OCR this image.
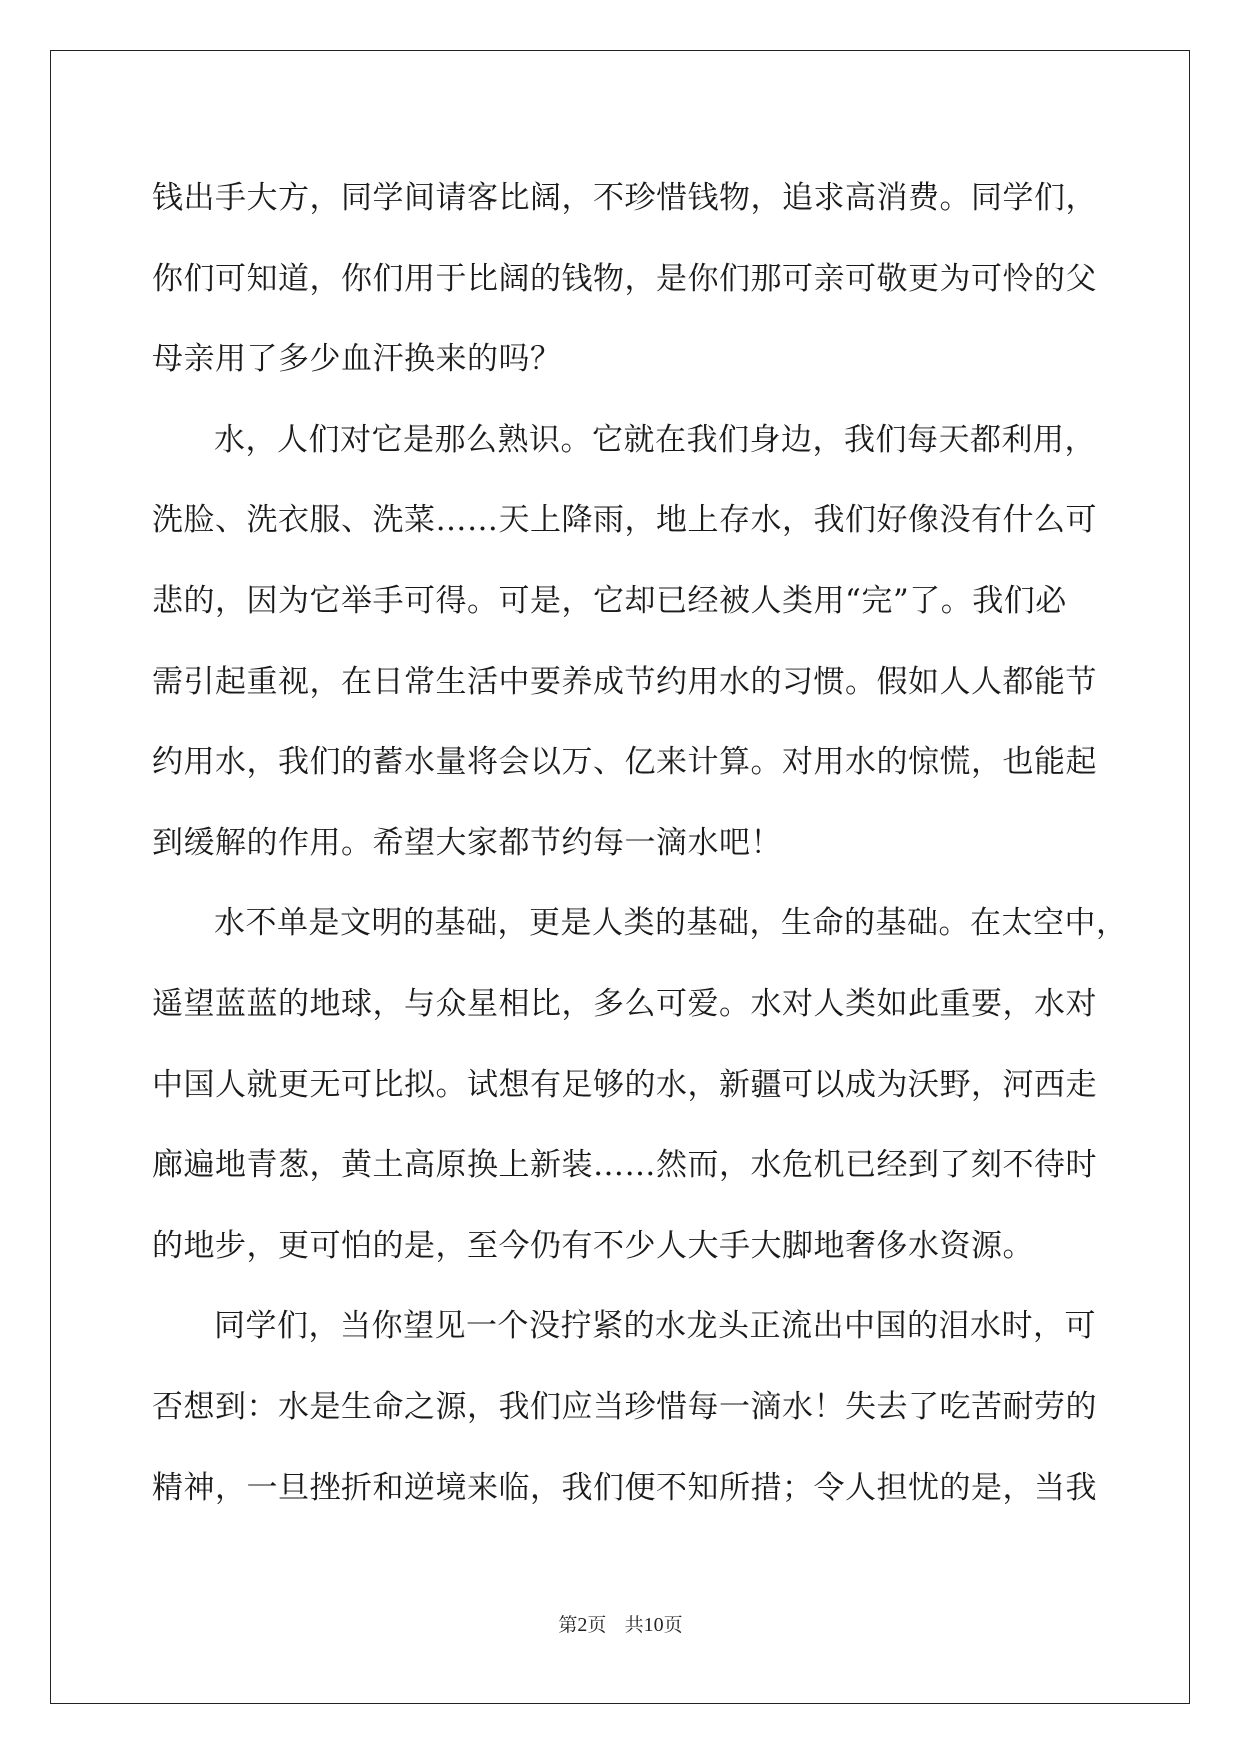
钱出手大方，同学间请客比阔，不珍惜钱物，追求高消费。同学们，
你们可知道，你们用于比阔的钱物，是你们那可亲可敬更为可怜的父
母亲用了多少血汗换来的吗？
水，人们对它是那么熟识。它就在我们身边，我们每天都利用，
洗脸、洗衣服、洗菜……天上降雨，地上存水，我们好像没有什么可
悲的，因为它举手可得。可是，它却已经被人类用“完”了。我们必
需引起重视，在日常生活中要养成节约用水的习惯。假如人人都能节
约用水，我们的蓄水量将会以万、亿来计算。对用水的惊慌，也能起
到缓解的作用。希望大家都节约每一滴水吧！
水不单是文明的基础，更是人类的基础，生命的基础。在太空中，
遥望蓝蓝的地球，与众星相比，多么可爱。水对人类如此重要，水对
中国人就更无可比拟。试想有足够的水，新疆可以成为沃野，河西走
廊遍地青葱，黄土高原换上新装……然而，水危机已经到了刻不待时
的地步，更可怕的是，至今仍有不少人大手大脚地奢侈水资源。
同学们，当你望见一个没拧紧的水龙头正流出中国的泪水时，可
否想到：水是生命之源，我们应当珍惜每一滴水！失去了吃苦耐劳的
精神，一旦挫折和逆境来临，我们便不知所措；令人担忧的是，当我
第2页 共10页
